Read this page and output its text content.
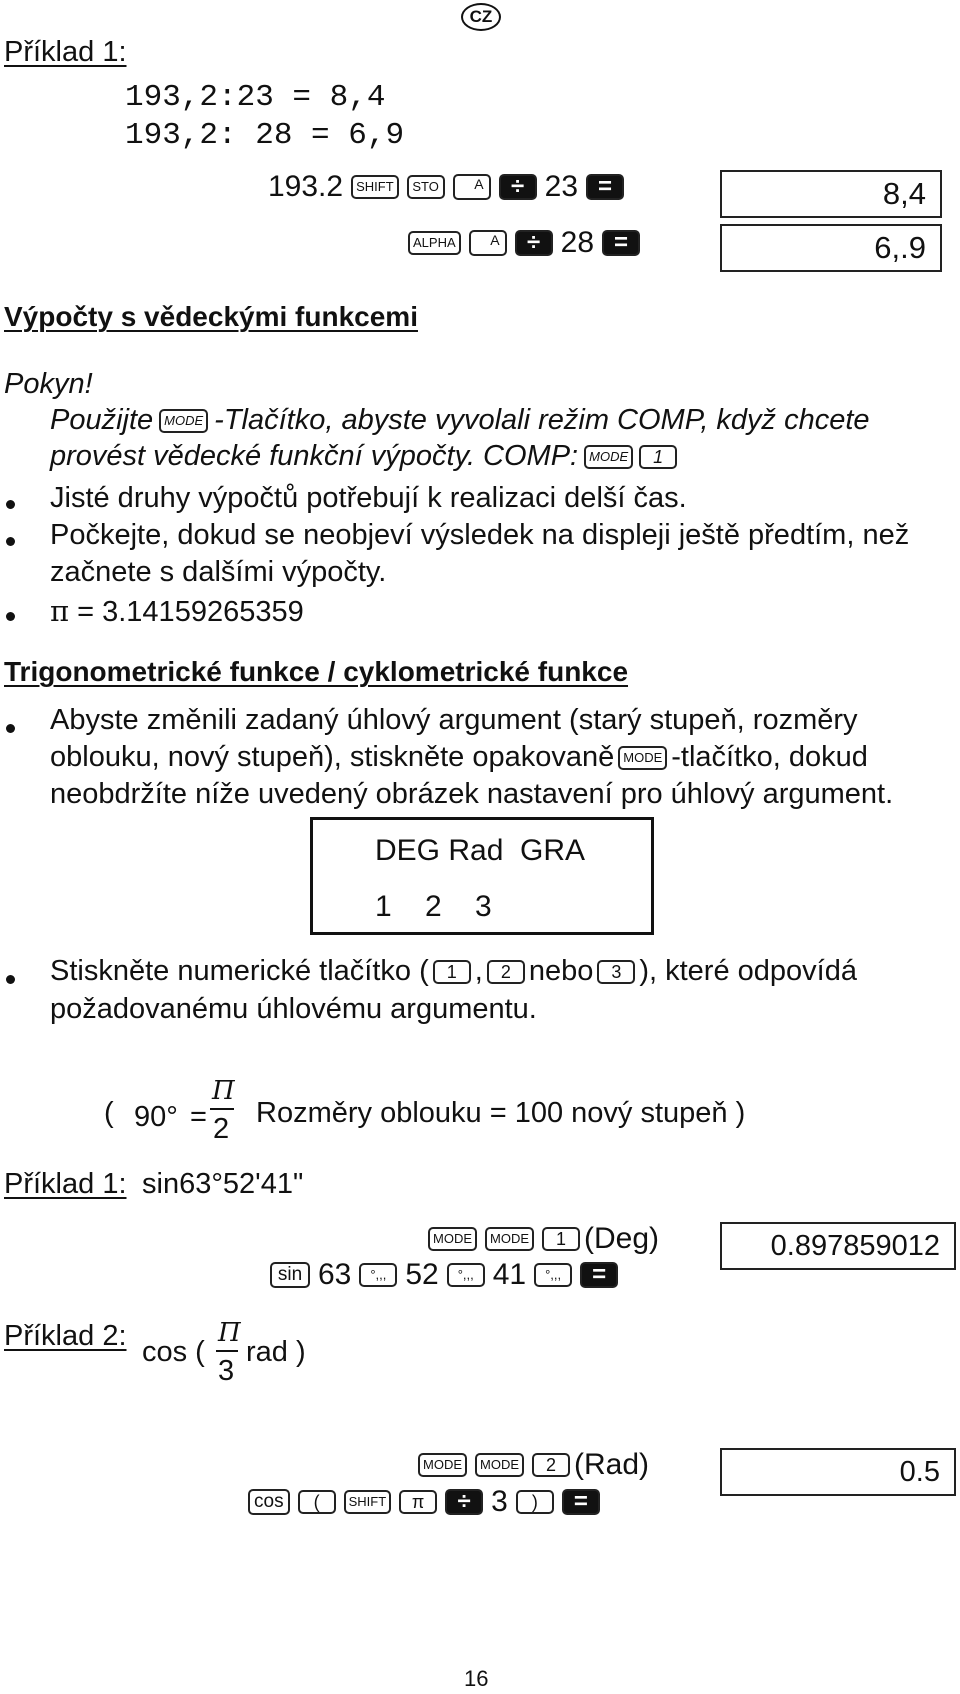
CZ
Příklad 1:
193,2:23 = 8,4
193,2: 28 = 6,9
193.2	SHIFT	STO	A	÷ 23 =	8,4
ALPHA	A	÷ 28 =	6,.9
Výpočty s vědeckými funkcemi
Pokyn!
Použijte MODE -Tlačítko, abyste vyvolali režim COMP, když chcete
provést vědecké funkční výpočty. COMP: MODE	1
Jisté druhy výpočtů potřebují k realizaci delší čas.
Počkejte, dokud se neobjeví výsledek na displeji ještě předtím, než
začnete s dalšími výpočty.
π = 3.14159265359
Trigonometrické funkce / cyklometrické funkce
Abyste změnili zadaný úhlový argument (starý stupeň, rozměry
oblouku, nový stupeň), stiskněte opakovaně MODE -tlačítko, dokud
neobdržíte níže uvedený obrázek nastavení pro úhlový argument.
DEG Rad  GRA
1    2    3
Stiskněte numerické tlačítko ( 1 , 2 nebo 3 ), které odpovídá
požadovanému úhlovému argumentu.
( 90° =
Π
2 Rozměry oblouku = 100 nový stupeň )
Příklad 1: sin63°52'41"
MODE	MODE	1 (Deg)
sin 63	°,,, 52	°,,, 41	°,,,	=
0.897859012
Příklad 2: cos (
Π
3
rad )
MODE	MODE	2 (Rad)
cos	(	SHIFT	π	÷ 3	)	=
0.5
16
